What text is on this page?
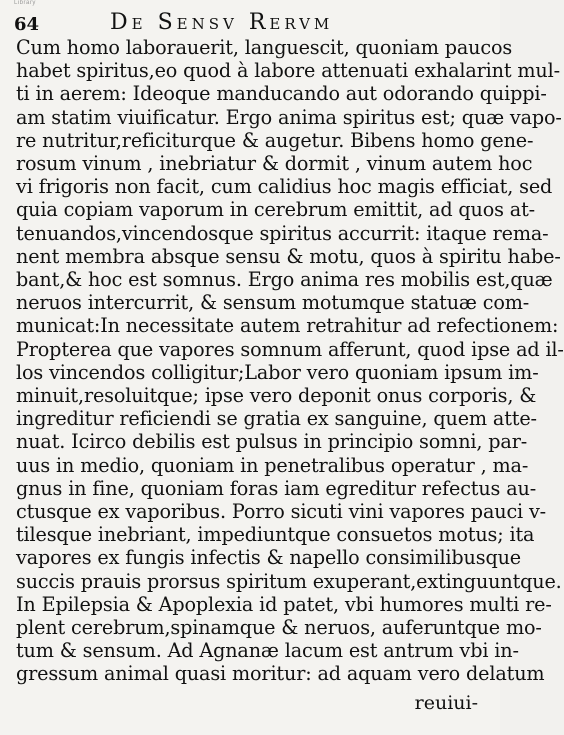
Library
64	De Sensv Rervm
Cum homo laborauerit, languescit, quoniam paucos
habet spiritus,eo quod à labore attenuati exhalarint mul-
ti in aerem: Ideoque manducando aut odorando quippi-
am statim viuificatur. Ergo anima spiritus est; quæ vapo-
re nutritur,reficiturque & augetur. Bibens homo gene-
rosum vinum , inebriatur & dormit , vinum autem hoc
vi frigoris non facit, cum calidius hoc magis efficiat, sed
quia copiam vaporum in cerebrum emittit, ad quos at-
tenuandos,vincendosque spiritus accurrit: itaque rema-
nent membra absque sensu & motu, quos à spiritu habe-
bant,& hoc est somnus. Ergo anima res mobilis est,quæ
neruos intercurrit, & sensum motumque statuæ com-
municat:In necessitate autem retrahitur ad refectionem:
Propterea que vapores somnum afferunt, quod ipse ad il-
los vincendos colligitur;Labor vero quoniam ipsum im-
minuit,resoluitque; ipse vero deponit onus corporis, &
ingreditur reficiendi se gratia ex sanguine, quem atte-
nuat. Icirco debilis est pulsus in principio somni, par-
uus in medio, quoniam in penetralibus operatur , ma-
gnus in fine, quoniam foras iam egreditur refectus au-
ctusque ex vaporibus. Porro sicuti vini vapores pauci v-
tilesque inebriant, impediuntque consuetos motus; ita
vapores ex fungis infectis & napello consimilibusque
succis prauis prorsus spiritum exuperant,extinguuntque.
In Epilepsia & Apoplexia id patet, vbi humores multi re-
plent cerebrum,spinamque & neruos, auferuntque mo-
tum & sensum. Ad Agnanæ lacum est antrum vbi in-
gressum animal quasi moritur: ad aquam vero delatum
reuiui-
